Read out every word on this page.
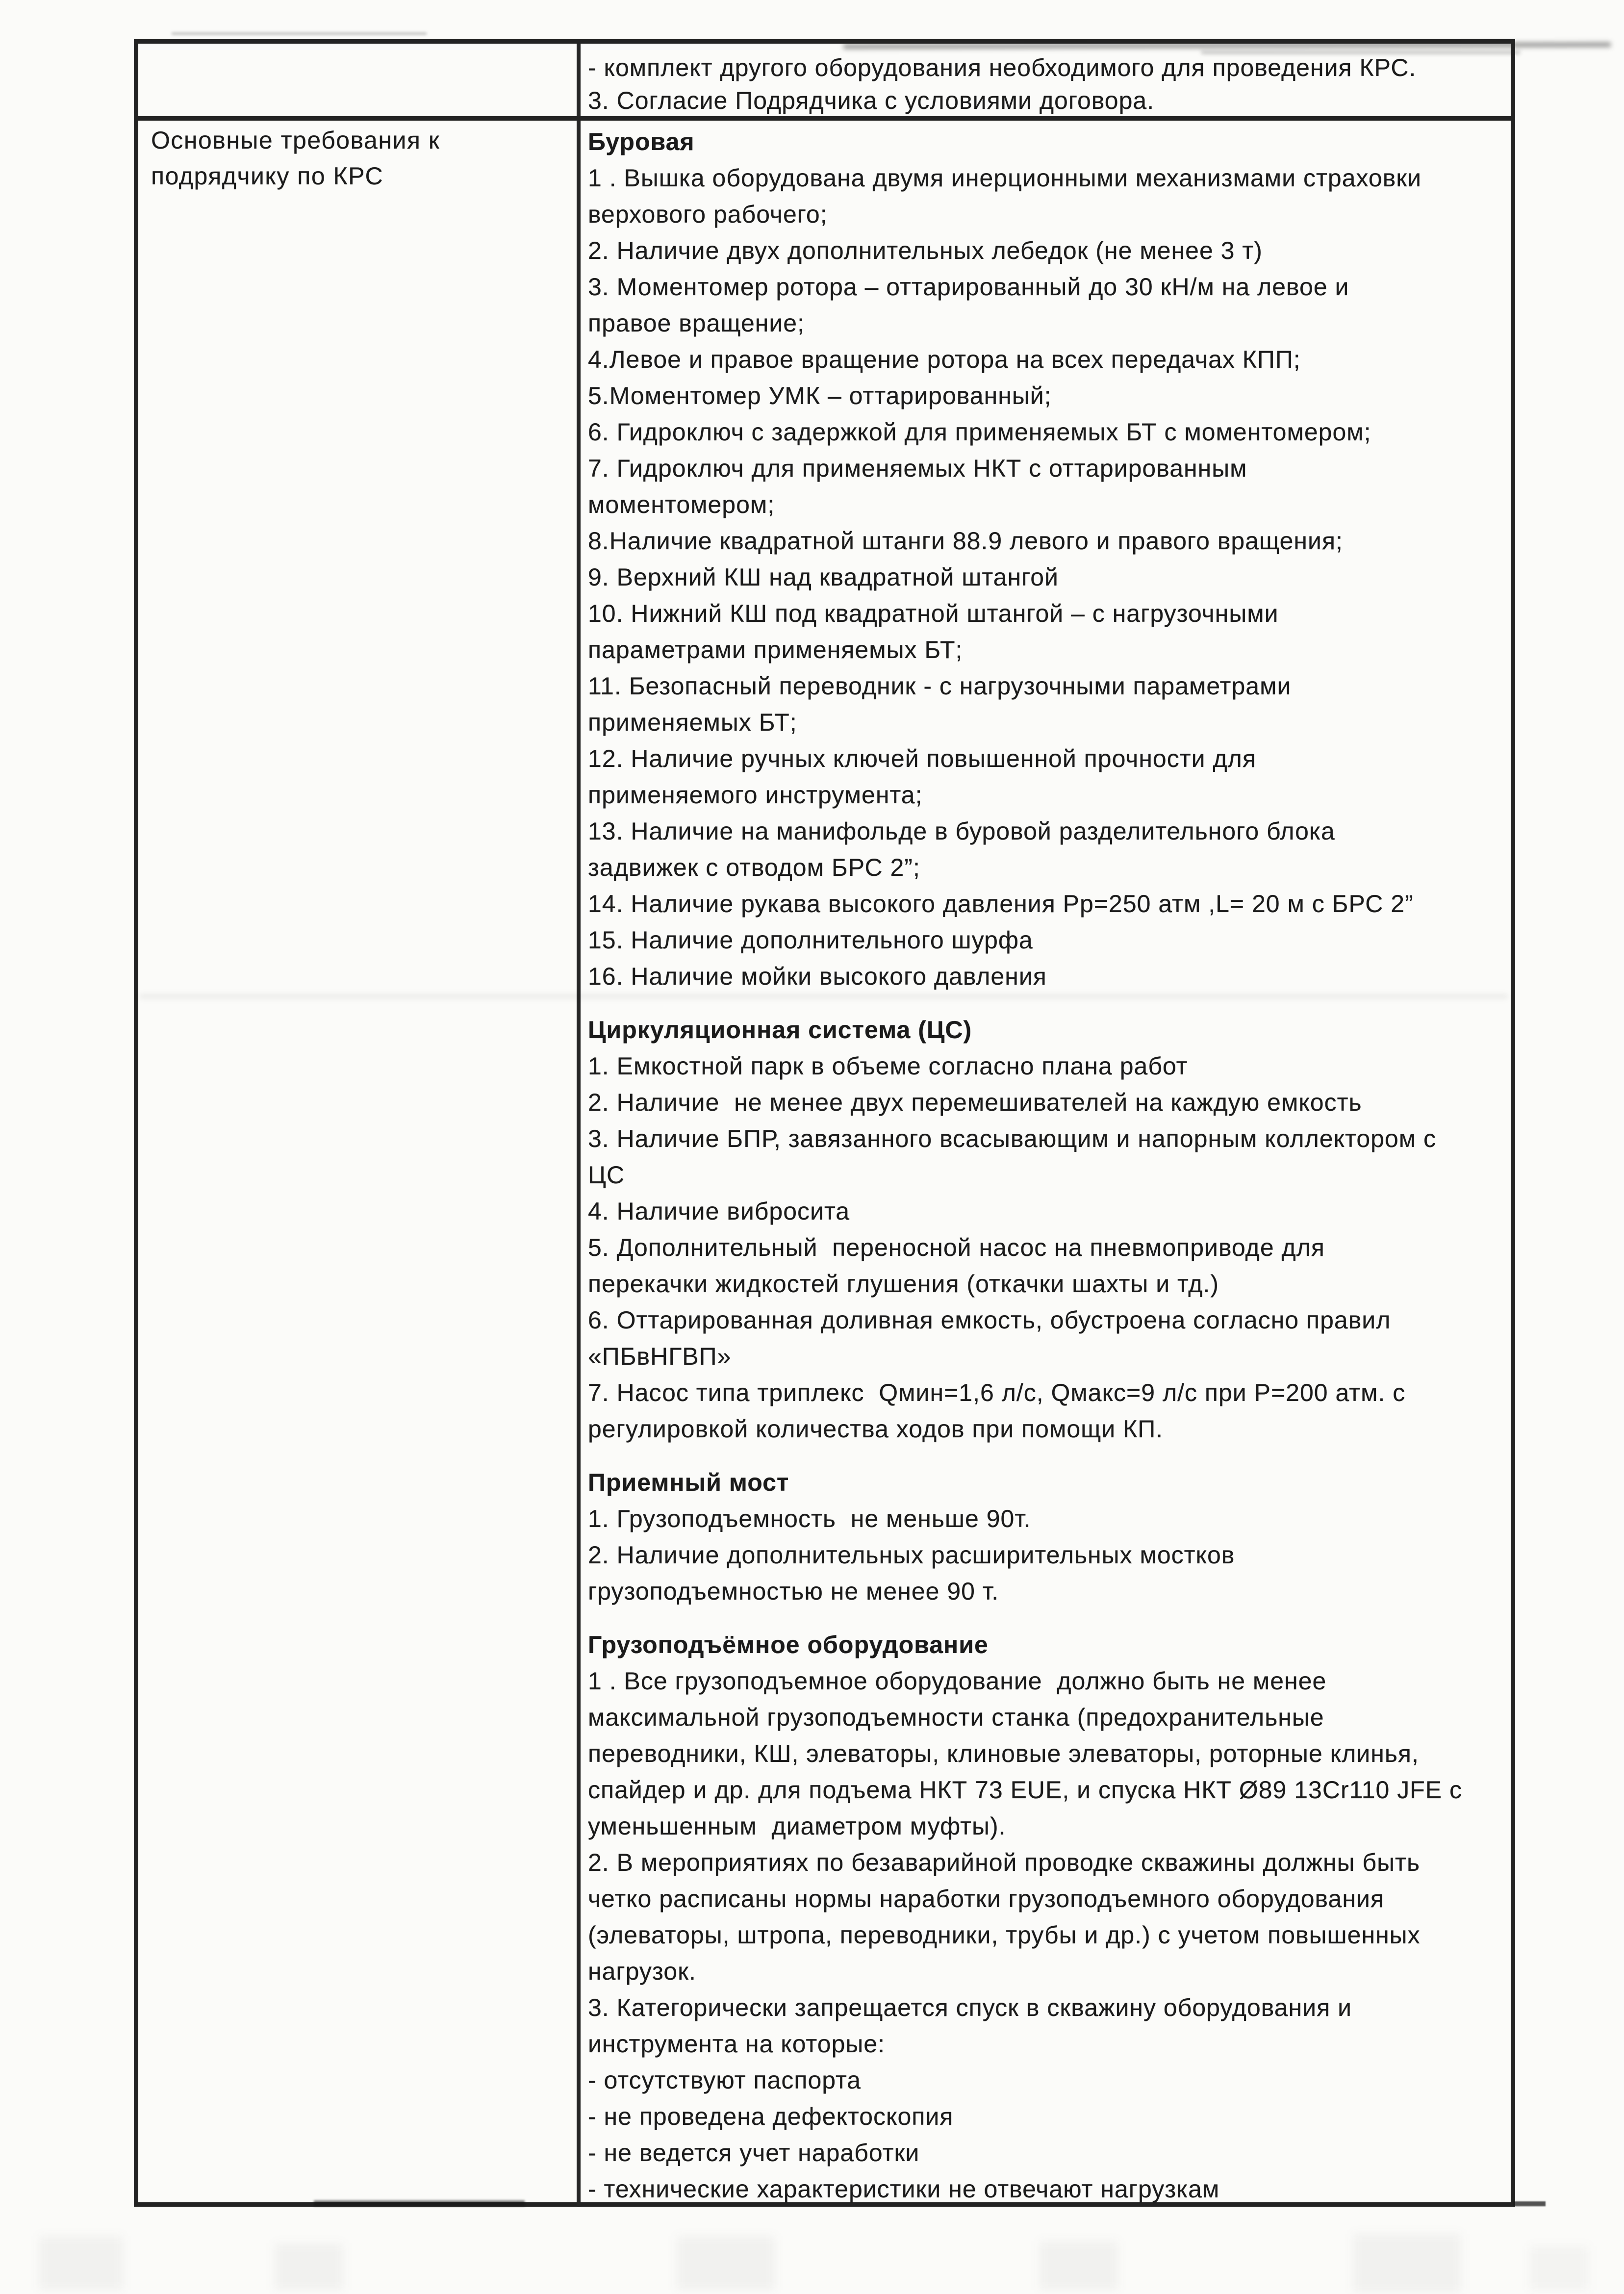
- комплект другого оборудования необходимого для проведения КРС.
3. Согласие Подрядчика с условиями договора.
Основные требования к
подрядчику по КРС
Буровая
1 . Вышка оборудована двумя инерционными механизмами страховки
верхового рабочего;
2. Наличие двух дополнительных лебедок (не менее 3 т)
3. Моментомер ротора – оттарированный до 30 кН/м на левое и
правое вращение;
4.Левое и правое вращение ротора на всех передачах КПП;
5.Моментомер УМК – оттарированный;
6. Гидроключ с задержкой для применяемых БТ с моментомером;
7. Гидроключ для применяемых НКТ с оттарированным
моментомером;
8.Наличие квадратной штанги 88.9 левого и правого вращения;
9. Верхний КШ над квадратной штангой
10. Нижний КШ под квадратной штангой – с нагрузочными
параметрами применяемых БТ;
11. Безопасный переводник - с нагрузочными параметрами
применяемых БТ;
12. Наличие ручных ключей повышенной прочности для
применяемого инструмента;
13. Наличие на манифольде в буровой разделительного блока
задвижек с отводом БРС 2”;
14. Наличие рукава высокого давления Рр=250 атм ,L= 20 м с БРС 2”
15. Наличие дополнительного шурфа
16. Наличие мойки высокого давления
Циркуляционная система (ЦС)
1. Емкостной парк в объеме согласно плана работ
2. Наличие  не менее двух перемешивателей на каждую емкость
3. Наличие БПР, завязанного всасывающим и напорным коллектором с
ЦС
4. Наличие вибросита
5. Дополнительный  переносной насос на пневмоприводе для
перекачки жидкостей глушения (откачки шахты и тд.)
6. Оттарированная доливная емкость, обустроена согласно правил
«ПБвНГВП»
7. Насос типа триплекс  Qмин=1,6 л/с, Qмакс=9 л/с при Р=200 атм. с
регулировкой количества ходов при помощи КП.
Приемный мост
1. Грузоподъемность  не меньше 90т.
2. Наличие дополнительных расширительных мостков
грузоподъемностью не менее 90 т.
Грузоподъёмное оборудование
1 . Все грузоподъемное оборудование  должно быть не менее
максимальной грузоподъемности станка (предохранительные
переводники, КШ, элеваторы, клиновые элеваторы, роторные клинья,
спайдер и др. для подъема НКТ 73 EUE, и спуска НКТ Ø89 13Cr110 JFE с
уменьшенным  диаметром муфты).
2. В мероприятиях по безаварийной проводке скважины должны быть
четко расписаны нормы наработки грузоподъемного оборудования
(элеваторы, штропа, переводники, трубы и др.) с учетом повышенных
нагрузок.
3. Категорически запрещается спуск в скважину оборудования и
инструмента на которые:
- отсутствуют паспорта
- не проведена дефектоскопия
- не ведется учет наработки
- технические характеристики не отвечают нагрузкам
